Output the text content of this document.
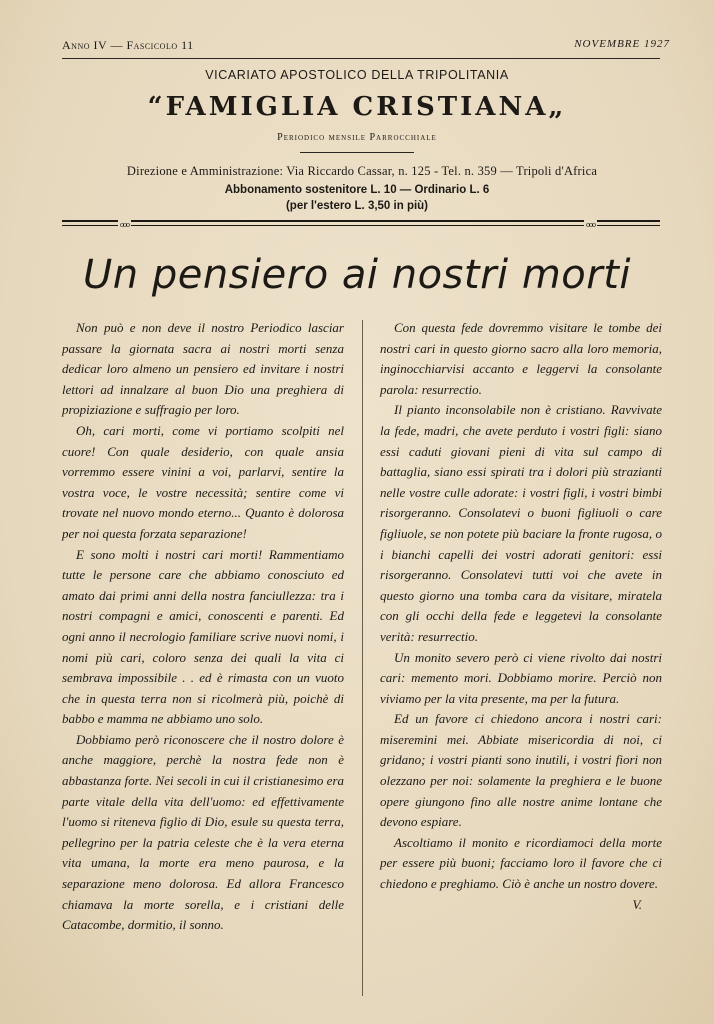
Anno IV — Fascicolo 11	NOVEMBRE 1927
VICARIATO APOSTOLICO DELLA TRIPOLITANIA
“FAMIGLIA CRISTIANA„
Periodico mensile Parrocchiale
Direzione e Amministrazione: Via Riccardo Cassar, n. 125 - Tel. n. 359 — Tripoli d'Africa
Abbonamento sostenitore L. 10 — Ordinario L. 6
(per l'estero L. 3,50 in più)
ooo	ooo
Un pensiero ai nostri morti

Non può e non deve il nostro Periodico lasciar passare la giornata sacra ai nostri morti senza dedicar loro almeno un pensiero ed invitare i nostri lettori ad innalzare al buon Dio una preghiera di propiziazione e suffragio per loro.

Oh, cari morti, come vi portiamo scolpiti nel cuore! Con quale desiderio, con quale ansia vorremmo essere vinini a voi, parlarvi, sentire la vostra voce, le vostre necessità; sentire come vi trovate nel nuovo mondo eterno... Quanto è dolorosa per noi questa forzata separazione!

E sono molti i nostri cari morti! Rammentiamo tutte le persone care che abbiamo conosciuto ed amato dai primi anni della nostra fanciullezza: tra i nostri compagni e amici, conoscenti e parenti. Ed ogni anno il necrologio familiare scrive nuovi nomi, i nomi più cari, coloro senza dei quali la vita ci sembrava impossibile . . ed è rimasta con un vuoto che in questa terra non si ricolmerà più, poichè di babbo e mamma ne abbiamo uno solo.

Dobbiamo però riconoscere che il nostro dolore è anche maggiore, perchè la nostra fede non è abbastanza forte. Nei secoli in cui il cristianesimo era parte vitale della vita dell'uomo: ed effettivamente l'uomo si riteneva figlio di Dio, esule su questa terra, pellegrino per la patria celeste che è la vera eterna vita umana, la morte era meno paurosa, e la separazione meno dolorosa. Ed allora Francesco chiamava la morte sorella, e i cristiani delle Catacombe, dormitio, il sonno.

Con questa fede dovremmo visitare le tombe dei nostri cari in questo giorno sacro alla loro memoria, inginocchiarvisi accanto e leggervi la consolante parola: resurrectio.

Il pianto inconsolabile non è cristiano. Ravvivate la fede, madri, che avete perduto i vostri figli: siano essi caduti giovani pieni di vita sul campo di battaglia, siano essi spirati tra i dolori più strazianti nelle vostre culle adorate: i vostri figli, i vostri bimbi risorgeranno. Consolatevi o buoni figliuoli o care figliuole, se non potete più baciare la fronte rugosa, o i bianchi capelli dei vostri adorati genitori: essi risorgeranno. Consolatevi tutti voi che avete in questo giorno una tomba cara da visitare, miratela con gli occhi della fede e leggetevi la consolante verità: resurrectio.

Un monito severo però ci viene rivolto dai nostri cari: memento mori. Dobbiamo morire. Perciò non viviamo per la vita presente, ma per la futura.

Ed un favore ci chiedono ancora i nostri cari: miseremini mei. Abbiate misericordia di noi, ci gridano; i vostri pianti sono inutili, i vostri fiori non olezzano per noi: solamente la preghiera e le buone opere giungono fino alle nostre anime lontane che devono espiare.

Ascoltiamo il monito e ricordiamoci della morte per essere più buoni; facciamo loro il favore che ci chiedono e preghiamo. Ciò è anche un nostro dovere.

V.
